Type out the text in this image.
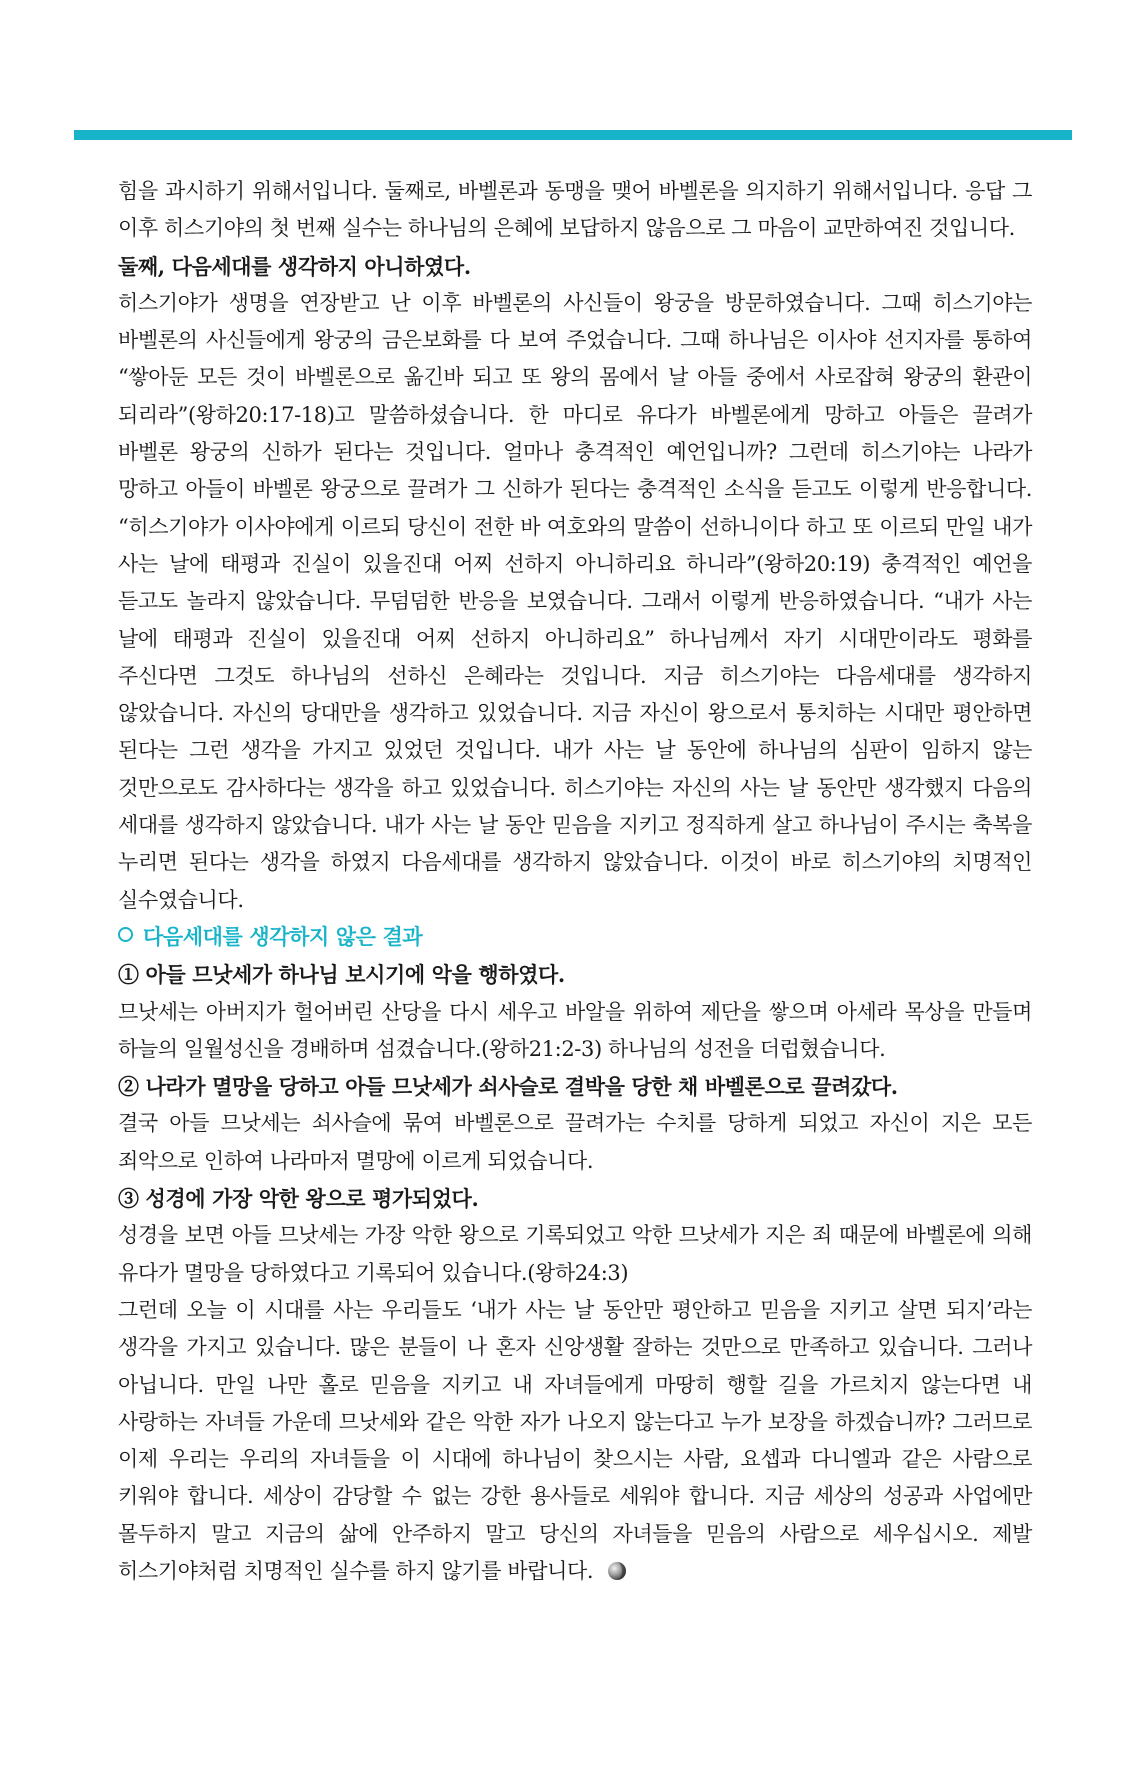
힘을 과시하기 위해서입니다. 둘째로, 바벨론과 동맹을 맺어 바벨론을 의지하기 위해서입니다. 응답 그 이후 히스기야의 첫 번째 실수는 하나님의 은혜에 보답하지 않음으로 그 마음이 교만하여진 것입니다.

둘째, 다음세대를 생각하지 아니하였다.

히스기야가 생명을 연장받고 난 이후 바벨론의 사신들이 왕궁을 방문하였습니다. 그때 히스기야는 바벨론의 사신들에게 왕궁의 금은보화를 다 보여 주었습니다. 그때 하나님은 이사야 선지자를 통하여 “쌓아둔 모든 것이 바벨론으로 옮긴바 되고 또 왕의 몸에서 날 아들 중에서 사로잡혀 왕궁의 환관이 되리라”(왕하20:17-18)고 말씀하셨습니다. 한 마디로 유다가 바벨론에게 망하고 아들은 끌려가 바벨론 왕궁의 신하가 된다는 것입니다. 얼마나 충격적인 예언입니까? 그런데 히스기야는 나라가 망하고 아들이 바벨론 왕궁으로 끌려가 그 신하가 된다는 충격적인 소식을 듣고도 이렇게 반응합니다. “히스기야가 이사야에게 이르되 당신이 전한 바 여호와의 말씀이 선하니이다 하고 또 이르되 만일 내가 사는 날에 태평과 진실이 있을진대 어찌 선하지 아니하리요 하니라”(왕하20:19) 충격적인 예언을 듣고도 놀라지 않았습니다. 무덤덤한 반응을 보였습니다. 그래서 이렇게 반응하였습니다. “내가 사는 날에 태평과 진실이 있을진대 어찌 선하지 아니하리요” 하나님께서 자기 시대만이라도 평화를 주신다면 그것도 하나님의 선하신 은혜라는 것입니다. 지금 히스기야는 다음세대를 생각하지 않았습니다. 자신의 당대만을 생각하고 있었습니다. 지금 자신이 왕으로서 통치하는 시대만 평안하면 된다는 그런 생각을 가지고 있었던 것입니다. 내가 사는 날 동안에 하나님의 심판이 임하지 않는 것만으로도 감사하다는 생각을 하고 있었습니다. 히스기야는 자신의 사는 날 동안만 생각했지 다음의 세대를 생각하지 않았습니다. 내가 사는 날 동안 믿음을 지키고 정직하게 살고 하나님이 주시는 축복을 누리면 된다는 생각을 하였지 다음세대를 생각하지 않았습니다. 이것이 바로 히스기야의 치명적인 실수였습니다.

다음세대를 생각하지 않은 결과

① 아들 므낫세가 하나님 보시기에 악을 행하였다.

므낫세는 아버지가 헐어버린 산당을 다시 세우고 바알을 위하여 제단을 쌓으며 아세라 목상을 만들며 하늘의 일월성신을 경배하며 섬겼습니다.(왕하21:2-3) 하나님의 성전을 더럽혔습니다.

② 나라가 멸망을 당하고 아들 므낫세가 쇠사슬로 결박을 당한 채 바벨론으로 끌려갔다.

결국 아들 므낫세는 쇠사슬에 묶여 바벨론으로 끌려가는 수치를 당하게 되었고 자신이 지은 모든 죄악으로 인하여 나라마저 멸망에 이르게 되었습니다.

③ 성경에 가장 악한 왕으로 평가되었다.

성경을 보면 아들 므낫세는 가장 악한 왕으로 기록되었고 악한 므낫세가 지은 죄 때문에 바벨론에 의해 유다가 멸망을 당하였다고 기록되어 있습니다.(왕하24:3)

그런데 오늘 이 시대를 사는 우리들도 ‘내가 사는 날 동안만 평안하고 믿음을 지키고 살면 되지’라는 생각을 가지고 있습니다. 많은 분들이 나 혼자 신앙생활 잘하는 것만으로 만족하고 있습니다. 그러나 아닙니다. 만일 나만 홀로 믿음을 지키고 내 자녀들에게 마땅히 행할 길을 가르치지 않는다면 내 사랑하는 자녀들 가운데 므낫세와 같은 악한 자가 나오지 않는다고 누가 보장을 하겠습니까? 그러므로 이제 우리는 우리의 자녀들을 이 시대에 하나님이 찾으시는 사람, 요셉과 다니엘과 같은 사람으로 키워야 합니다. 세상이 감당할 수 없는 강한 용사들로 세워야 합니다. 지금 세상의 성공과 사업에만 몰두하지 말고 지금의 삶에 안주하지 말고 당신의 자녀들을 믿음의 사람으로 세우십시오. 제발 히스기야처럼 치명적인 실수를 하지 않기를 바랍니다.
